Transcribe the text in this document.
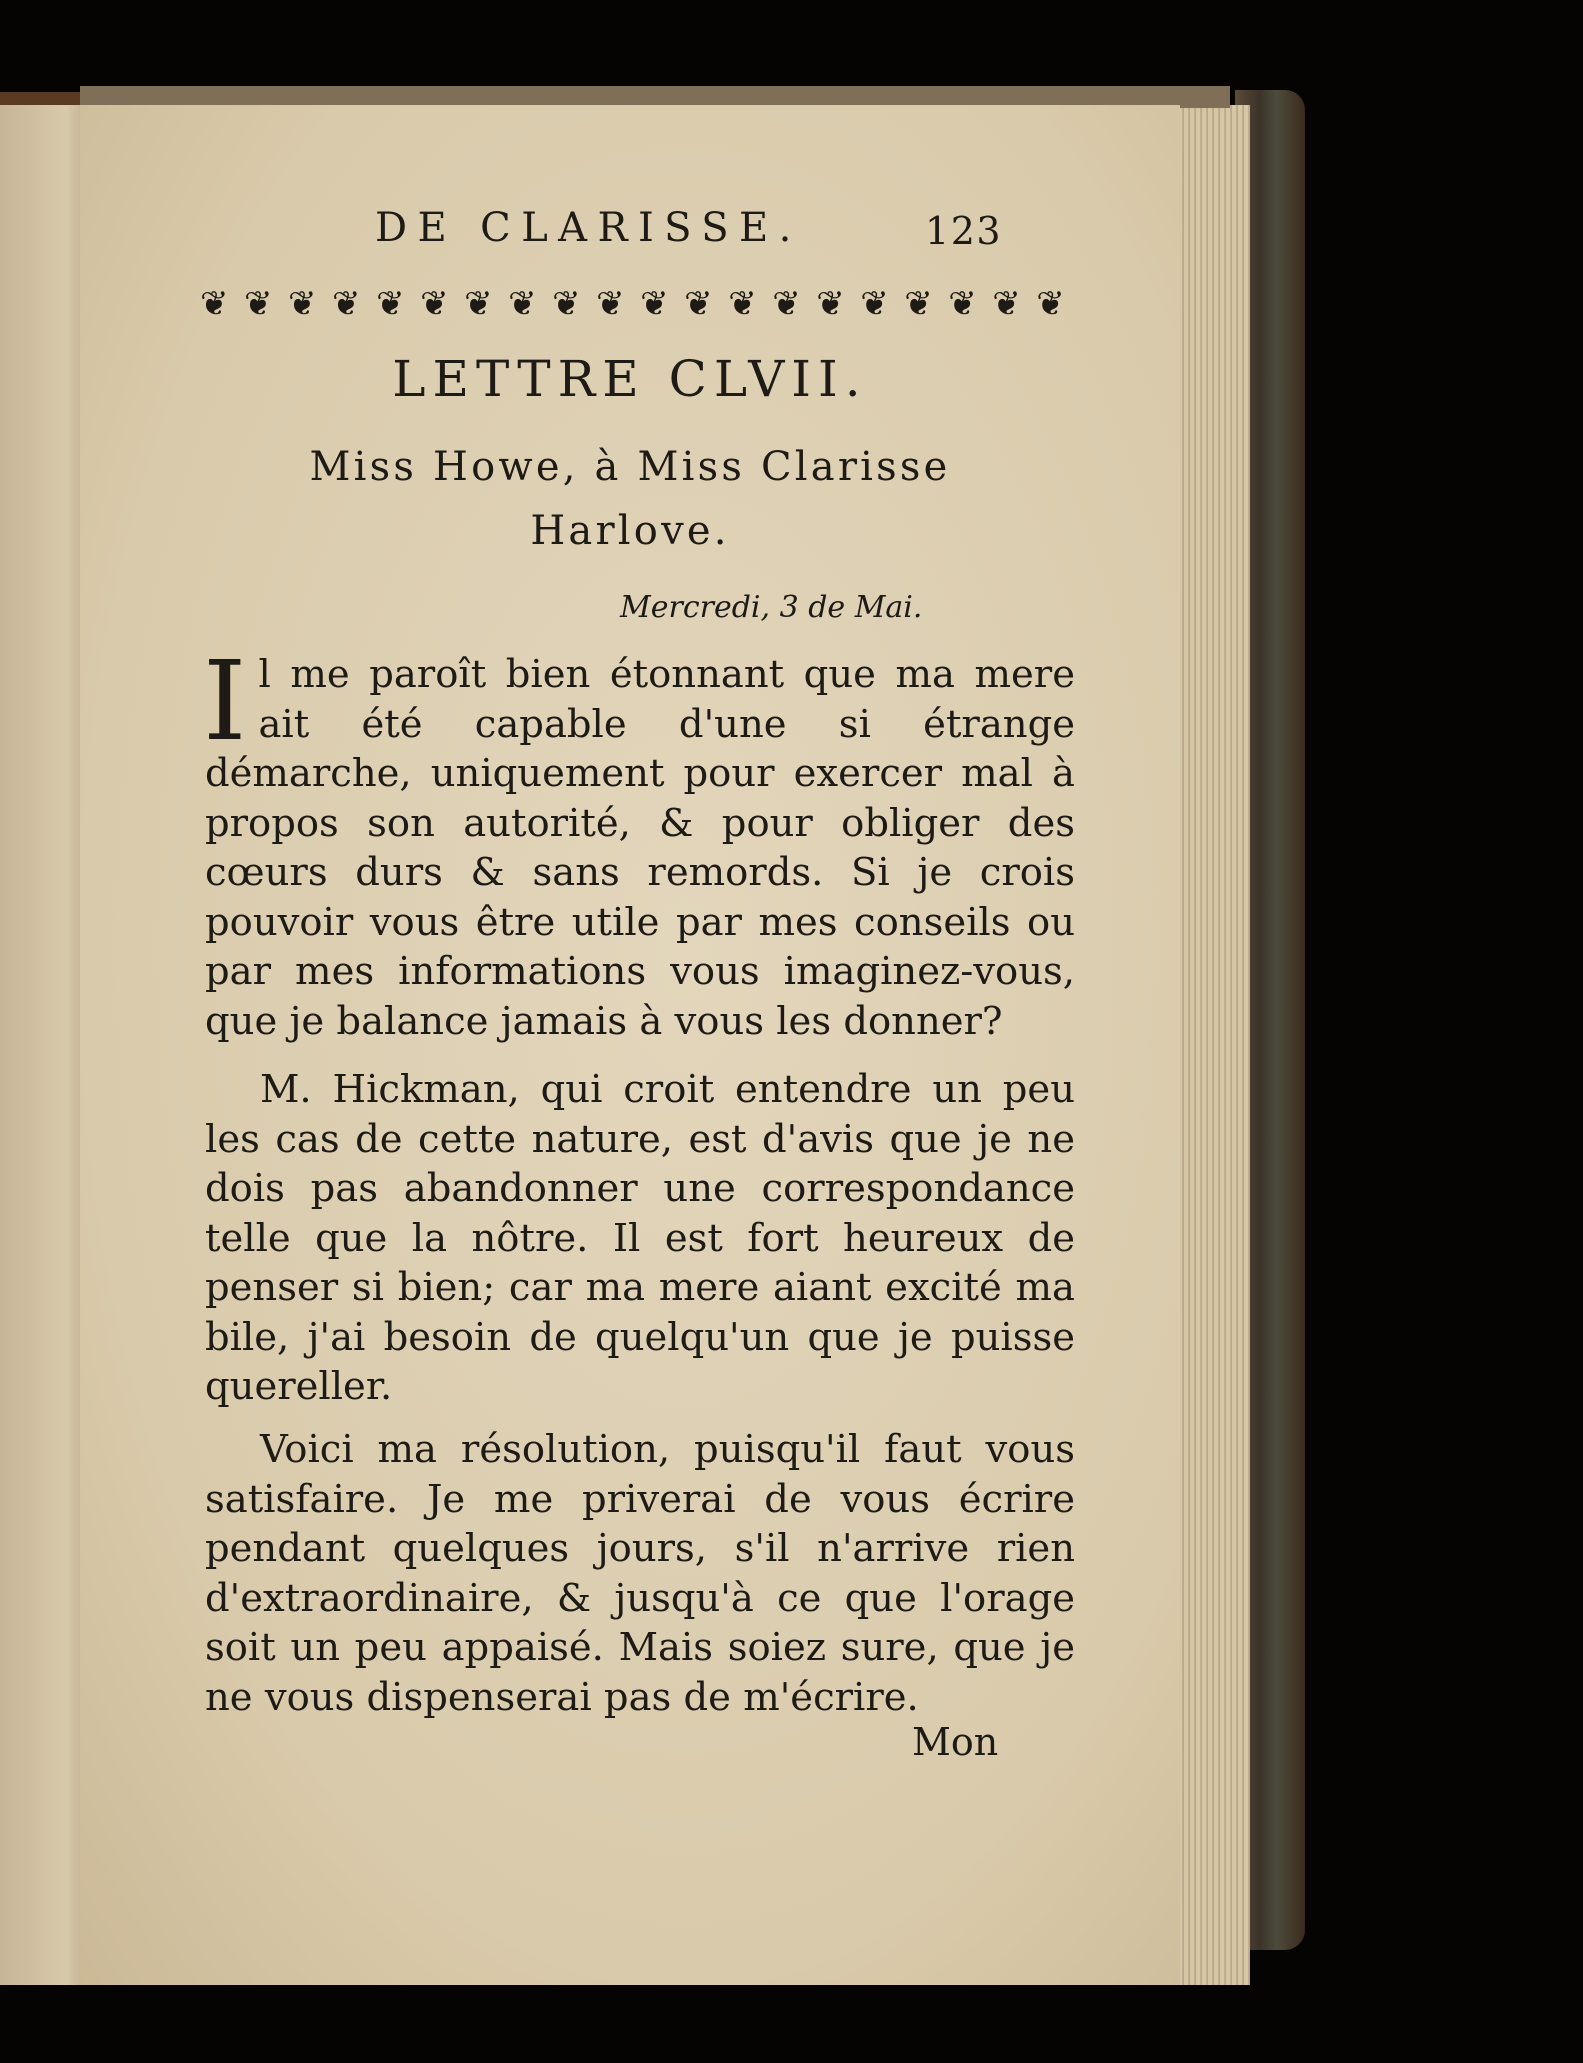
DE CLARISSE.	123
❦ ❦ ❦ ❦ ❦ ❦ ❦ ❦ ❦ ❦ ❦ ❦ ❦ ❦ ❦ ❦ ❦ ❦ ❦ ❦
LETTRE CLVII.
Miss Howe, à Miss Clarisse
Harlove.
Mercredi, 3 de Mai.

Il me paroît bien étonnant que ma mere ait été capable d'une si étrange démarche, uniquement pour exercer mal à propos son autorité, & pour obliger des cœurs durs & sans remords. Si je crois pouvoir vous être utile par mes conseils ou par mes informations vous imaginez-vous, que je balance jamais à vous les donner?

M. Hickman, qui croit entendre un peu les cas de cette nature, est d'avis que je ne dois pas abandonner une correspondance telle que la nôtre. Il est fort heureux de penser si bien; car ma mere aiant excité ma bile, j'ai besoin de quelqu'un que je puisse quereller.

Voici ma résolution, puisqu'il faut vous satisfaire. Je me priverai de vous écrire pendant quelques jours, s'il n'arrive rien d'extraordinaire, & jusqu'à ce que l'orage soit un peu appaisé. Mais soiez sure, que je ne vous dispenserai pas de m'écrire.

Mon
